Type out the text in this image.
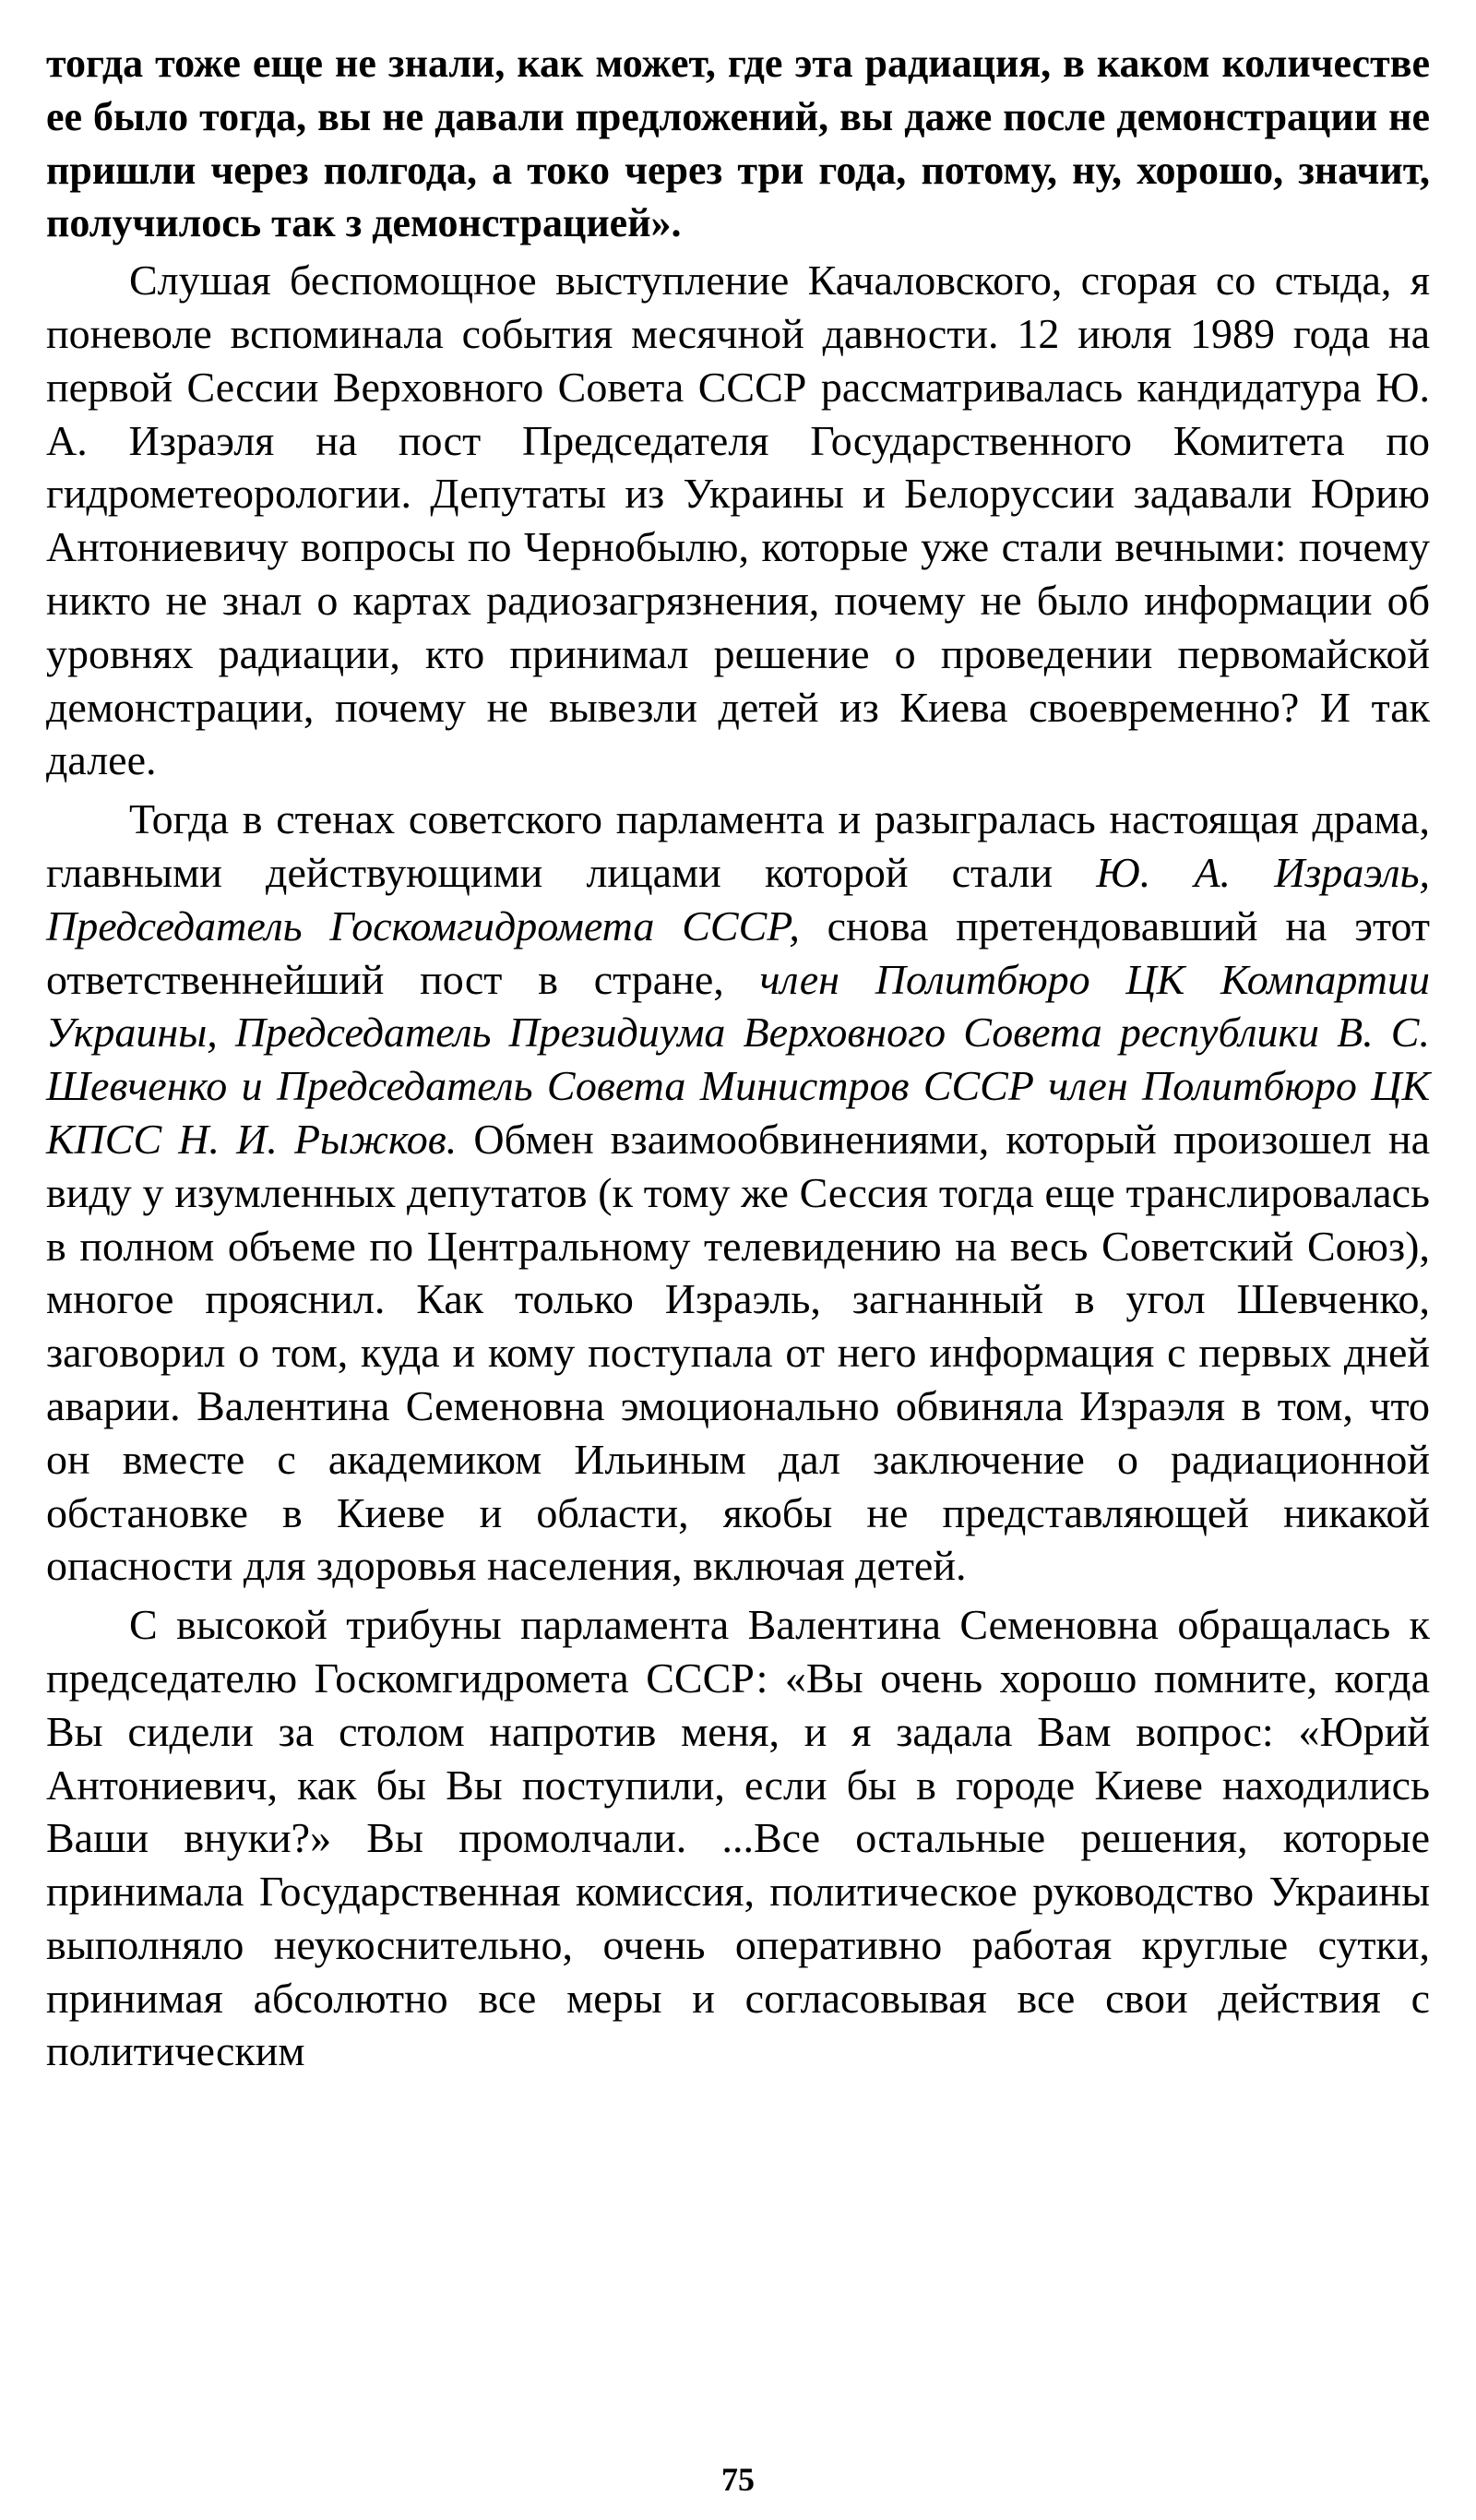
тогда тоже еще не знали, как может, где эта радиация, в каком количестве ее было тогда, вы не давали предложений, вы даже после демонстрации не пришли через полгода, а токо через три года, потому, ну, хорошо, значит, получилось так з демонстрацией».

Слушая беспомощное выступление Качаловского, сгорая со стыда, я поневоле вспоминала события месячной давности. 12 июля 1989 года на первой Сессии Верховного Совета СССР рассматривалась кандидатура Ю. А. Израэля на пост Председателя Государственного Комитета по гидрометеорологии. Депутаты из Украины и Белоруссии задавали Юрию Антониевичу вопросы по Чернобылю, которые уже стали вечными: почему никто не знал о картах радиозагрязнения, почему не было информации об уровнях радиации, кто принимал решение о проведении первомайской демонстрации, почему не вывезли детей из Киева своевременно? И так далее.

Тогда в стенах советского парламента и разыгралась настоящая драма, главными действующими лицами которой стали Ю. А. Израэль, Председатель Госкомгидромета СССР, снова претендовавший на этот ответственнейший пост в стране, член Политбюро ЦК Компартии Украины, Председатель Президиума Верховного Совета республики В. С. Шевченко и Председатель Совета Министров СССР член Политбюро ЦК КПСС Н. И. Рыжков. Обмен взаимообвинениями, который произошел на виду у изумленных депутатов (к тому же Сессия тогда еще транслировалась в полном объеме по Центральному телевидению на весь Советский Союз), многое прояснил. Как только Израэль, загнанный в угол Шевченко, заговорил о том, куда и кому поступала от него информация с первых дней аварии. Валентина Семеновна эмоционально обвиняла Израэля в том, что он вместе с академиком Ильиным дал заключение о радиационной обстановке в Киеве и области, якобы не представляющей никакой опасности для здоровья населения, включая детей.

С высокой трибуны парламента Валентина Семеновна обращалась к председателю Госкомгидромета СССР: «Вы очень хорошо помните, когда Вы сидели за столом напротив меня, и я задала Вам вопрос: «Юрий Антониевич, как бы Вы поступили, если бы в городе Киеве находились Ваши внуки?» Вы промолчали. ...Все остальные решения, которые принимала Государственная комиссия, политическое руководство Украины выполняло неукоснительно, очень оперативно работая круглые сутки, принимая абсолютно все меры и согласовывая все свои действия с политическим

75
